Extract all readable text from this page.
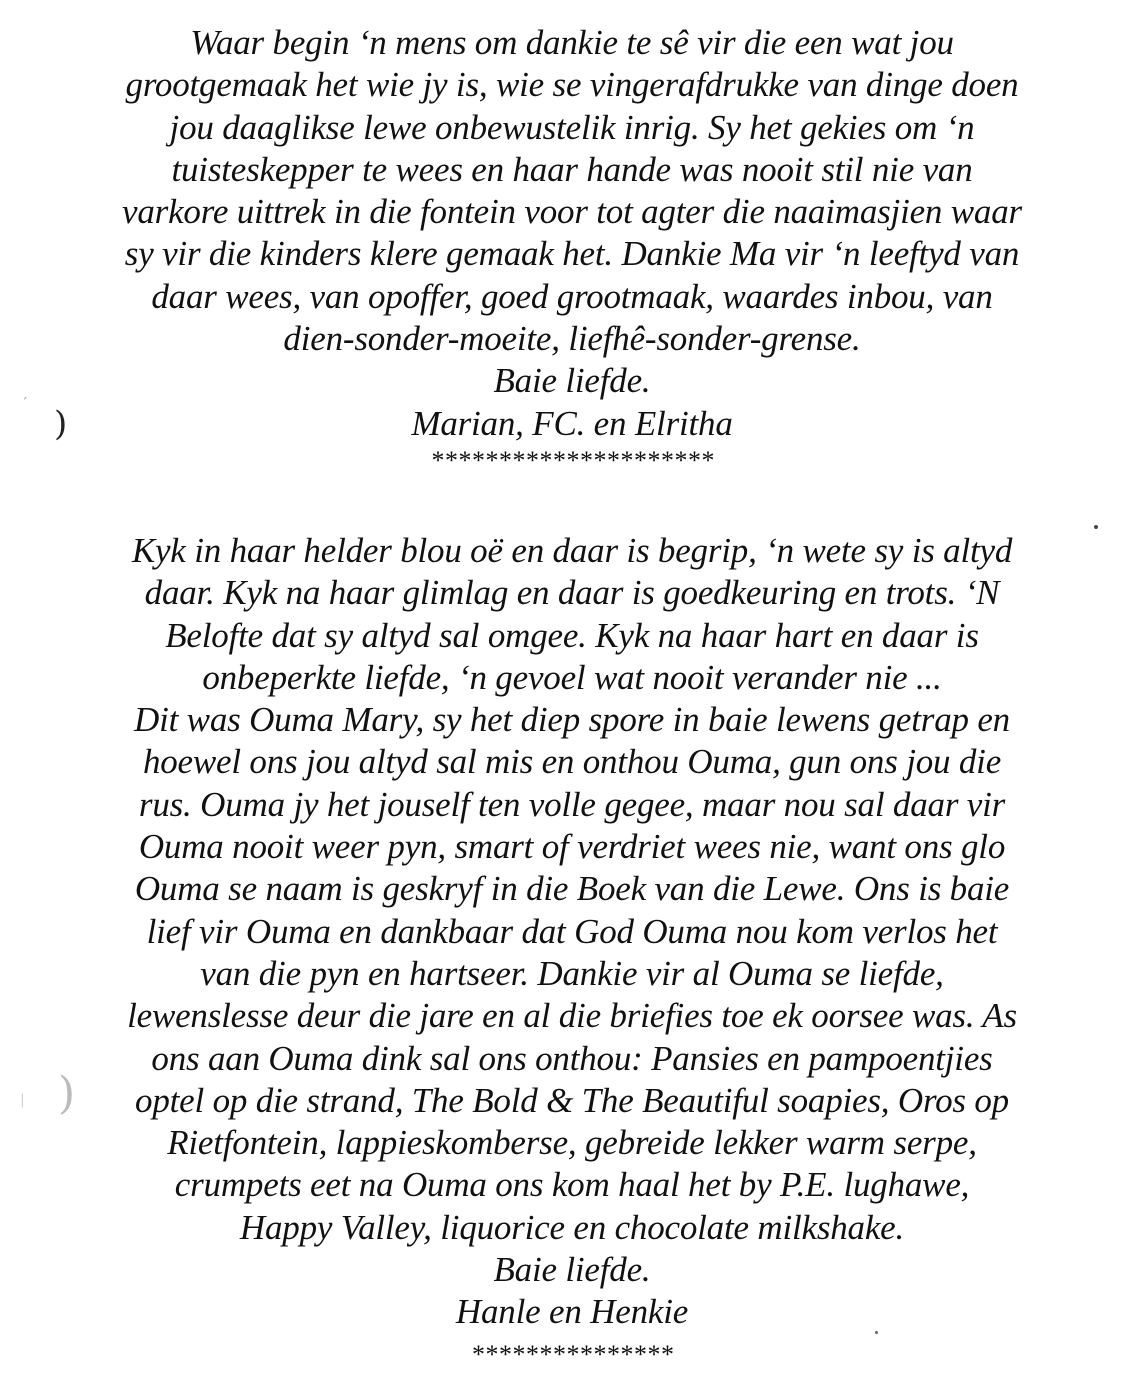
Waar begin ‘n mens om dankie te sê vir die een wat jou
grootgemaak het wie jy is, wie se vingerafdrukke van dinge doen
jou daaglikse lewe onbewustelik inrig. Sy het gekies om ‘n
tuisteskepper te wees en haar hande was nooit stil nie van
varkore uittrek in die fontein voor tot agter die naaimasjien waar
sy vir die kinders klere gemaak het. Dankie Ma vir ‘n leeftyd van
daar wees, van opoffer, goed grootmaak, waardes inbou, van
dien-sonder-moeite, liefhê-sonder-grense.
Baie liefde.
Marian, FC. en Elritha
*********************
Kyk in haar helder blou oë en daar is begrip, ‘n wete sy is altyd
daar. Kyk na haar glimlag en daar is goedkeuring en trots. ‘N
Belofte dat sy altyd sal omgee. Kyk na haar hart en daar is
onbeperkte liefde, ‘n gevoel wat nooit verander nie ...
Dit was Ouma Mary, sy het diep spore in baie lewens getrap en
hoewel ons jou altyd sal mis en onthou Ouma, gun ons jou die
rus. Ouma jy het jouself ten volle gegee, maar nou sal daar vir
Ouma nooit weer pyn, smart of verdriet wees nie, want ons glo
Ouma se naam is geskryf in die Boek van die Lewe. Ons is baie
lief vir Ouma en dankbaar dat God Ouma nou kom verlos het
van die pyn en hartseer. Dankie vir al Ouma se liefde,
lewenslesse deur die jare en al die briefies toe ek oorsee was. As
ons aan Ouma dink sal ons onthou: Pansies en pampoentjies
optel op die strand, The Bold & The Beautiful soapies, Oros op
Rietfontein, lappieskomberse, gebreide lekker warm serpe,
crumpets eet na Ouma ons kom haal het by P.E. lughawe,
Happy Valley, liquorice en chocolate milkshake.
Baie liefde.
Hanle en Henkie
***************
´ )
| )
